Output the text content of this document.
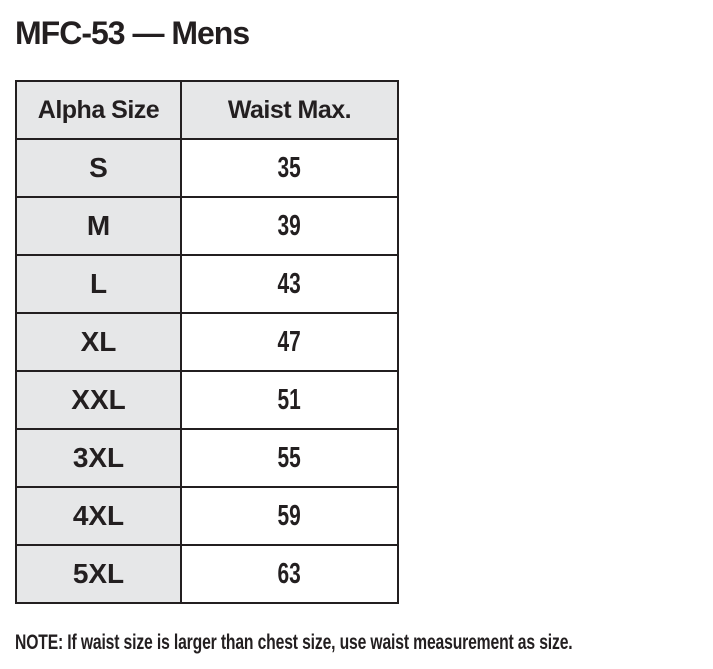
MFC-53 — Mens
Alpha Size	Waist Max.
S	35
M	39
L	43
XL	47
XXL	51
3XL	55
4XL	59
5XL	63

NOTE: If waist size is larger than chest size, use waist measurement as size.
